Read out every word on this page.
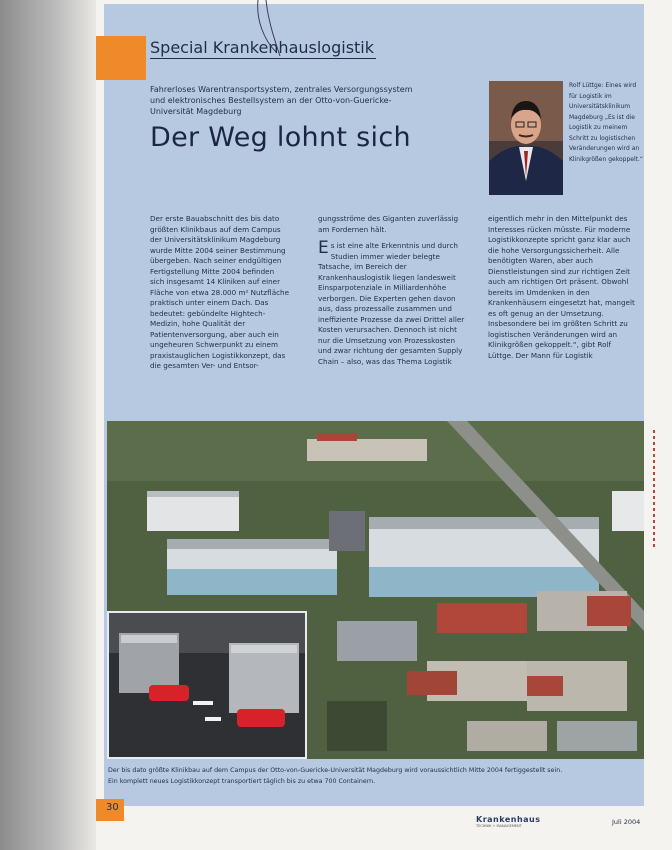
Special Krankenhauslogistik
Fahrerloses Warentransportsystem, zentrales Versorgungssystem und elektronisches Bestellsystem an der Otto-von-Guericke-Universität Magdeburg
Der Weg lohnt sich
Rolf Lüttge: Eines wird für Logistik im Universitätsklinikum Magdeburg „Es ist die Logistik zu meinem Schritt zu logistischen Veränderungen wird an Klinikgrößen gekoppelt.“
Der erste Bauabschnitt des bis dato größten Klinikbaus auf dem Campus der Universitätsklinikum Magdeburg wurde Mitte 2004 seiner Bestimmung übergeben. Nach seiner endgültigen Fertigstellung Mitte 2004 befinden sich insgesamt 14 Kliniken auf einer Fläche von etwa 28.000 m² Nutzfläche praktisch unter einem Dach. Das bedeutet: gebündelte Hightech-Medizin, hohe Qualität der Patientenversorgung, aber auch ein ungeheuren Schwerpunkt zu einem praxistauglichen Logistikkonzept, das die gesamten Ver- und Entsor-
gungsströme des Giganten zuverlässig am Fordernen hält.
E s ist eine alte Erkenntnis und durch Studien immer wieder belegte Tatsache, im Bereich der Krankenhauslogistik liegen landesweit Einsparpotenziale in Milliardenhöhe verborgen. Die Experten gehen davon aus, dass prozessalle zusammen und ineffiziente Prozesse da zwei Drittel aller Kosten verursachen. Dennoch ist nicht nur die Umsetzung von Prozesskosten und zwar richtung der gesamten Supply Chain – also, was das Thema Logistik
eigentlich mehr in den Mittelpunkt des Interesses rücken müsste. Für moderne Logistikkonzepte spricht ganz klar auch die hohe Versorgungssicherheit. Alle benötigten Waren, aber auch Dienstleistungen sind zur richtigen Zeit auch am richtigen Ort präsent. Obwohl bereits im Umdenken in den Krankenhäusern eingesetzt hat, mangelt es oft genug an der Umsetzung. Insbesondere bei im größten Schritt zu logistischen Veränderungen wird an Klinikgrößen gekoppelt.“, gibt Rolf Lüttge. Der Mann für Logistik
Der bis dato größte Klinikbau auf dem Campus der Otto-von-Guericke-Universität Magdeburg wird voraussichtlich Mitte 2004 fertiggestellt sein.
Ein komplett neues Logistikkonzept transportiert täglich bis zu etwa 700 Containern.
30
Krankenhaus
TECHNIK + MANAGEMENT	Juli 2004
